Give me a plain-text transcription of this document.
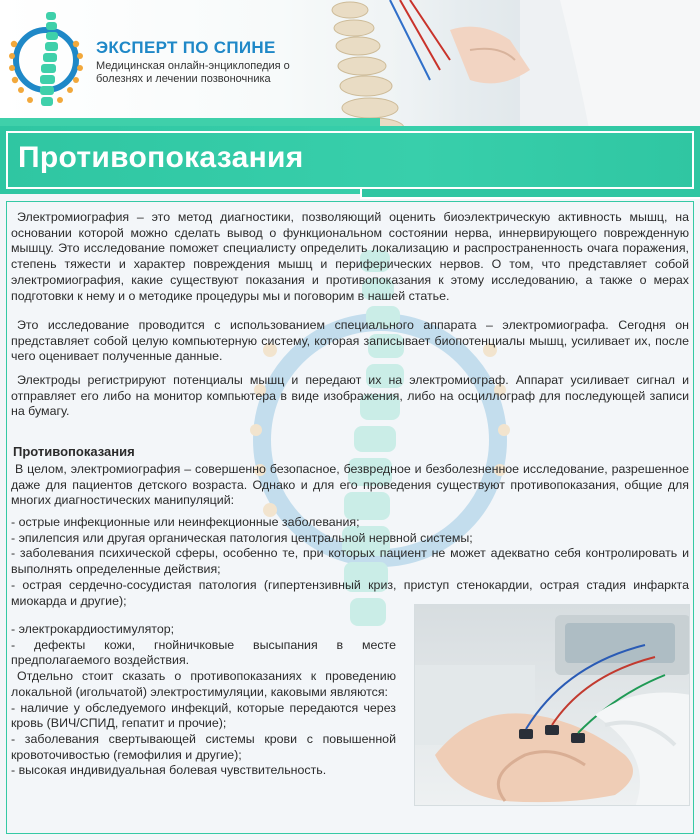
ЭКСПЕРТ ПО СПИНЕ
Медицинская онлайн-энциклопедия о
болезнях и лечении позвоночника
Противопоказания

Электромиография – это метод диагностики, позволяющий оценить биоэлектрическую активность мышц, на основании которой можно сделать вывод о функциональном состоянии нерва, иннервирующего поврежденную мышцу. Это исследование поможет специалисту определить локализацию и распространенность очага поражения, степень тяжести и характер повреждения мышц и периферических нервов. О том, что представляет собой электромиография, какие существуют показания и противопоказания к этому исследованию, а также о мерах подготовки к нему и о методике процедуры мы и поговорим в нашей статье.

Это исследование проводится с использованием специального аппарата – электромиографа. Сегодня он представляет собой целую компьютерную систему, которая записывает биопотенциалы мышц, усиливает их, после чего оценивает полученные данные.

Электроды регистрируют потенциалы мышц и передают их на электромиограф. Аппарат усиливает сигнал и отправляет его либо на монитор компьютера в виде изображения, либо на осциллограф для последующей записи на бумагу.

Противопоказания

В целом, электромиография – совершенно безопасное, безвредное и безболезненное исследование, разрешенное даже для пациентов детского возраста. Однако и для его проведения существуют противопоказания, общие для многих диагностических манипуляций:

- острые инфекционные или неинфекционные заболевания;
- эпилепсия или другая органическая патология центральной нервной системы;
- заболевания психической сферы, особенно те, при которых пациент не может адекватно себя контролировать и выполнять определенные действия;
- острая сердечно-сосудистая патология (гипертензивный криз, приступ стенокардии, острая стадия инфаркта миокарда и другие);
- электрокардиостимулятор;
- дефекты кожи, гнойничковые высыпания в месте предполагаемого воздействия.
Отдельно стоит сказать о противопоказаниях к проведению локальной (игольчатой) электростимуляции, каковыми являются:
- наличие у обследуемого инфекций, которые передаются через кровь (ВИЧ/СПИД, гепатит и прочие);
- заболевания свертывающей системы крови с повышенной кровоточивостью (гемофилия и другие);
- высокая индивидуальная болевая чувствительность.
